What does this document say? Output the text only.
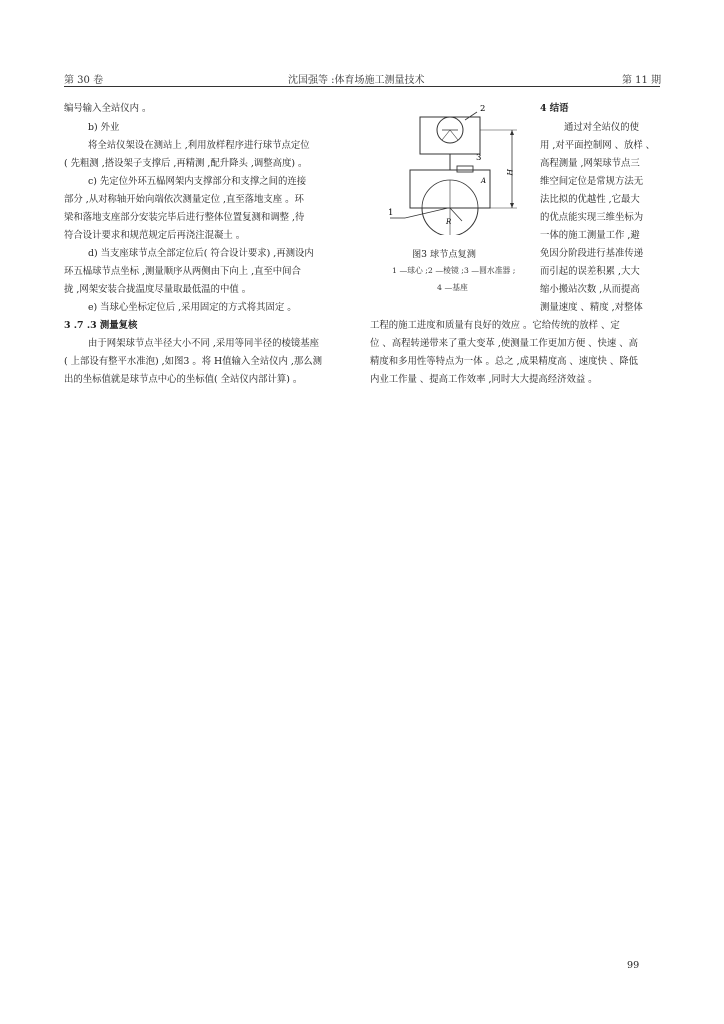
第 30 卷	沈国强等 :体育场施工测量技术	第 11 期
编号输入全站仪内 。
b) 外业
将全站仪架设在测站上 ,利用放样程序进行球节点定位
( 先粗测 ,搭设架子支撑后 ,再精测 ,配升降头 ,调整高度) 。
c) 先定位外环五榀网架内支撑部分和支撑之间的连接
部分 ,从对称轴开始向端依次测量定位 ,直至落地支座 。环
梁和落地支座部分安装完毕后进行整体位置复测和调整 ,待
符合设计要求和规范规定后再浇注混凝土 。
d) 当支座球节点全部定位后( 符合设计要求) ,再测设内
环五榀球节点坐标 ,测量顺序从两侧由下向上 ,直至中间合
拢 ,网架安装合拢温度尽量取最低温的中值 。
e) 当球心坐标定位后 ,采用固定的方式将其固定 。
3 .7 .3 测量复核
由于网架球节点半径大小不同 ,采用等同半径的棱镜基座
( 上部设有整平水准泡) ,如图3 。将 H值输入全站仪内 ,那么测
出的坐标值就是球节点中心的坐标值( 全站仪内部计算) 。
2
3
A
R
1
H
图3 球节点复测
1 —球心 ;2 —棱镜 ;3 —圆水准器 ;
4 —基座
4 结语
通过对全站仪的使
用 ,对平面控制网 、放样 、
高程测量 ,网架球节点三
维空间定位是常规方法无
法比拟的优越性 ,它最大
的优点能实现三维坐标为
一体的施工测量工作 ,避
免因分阶段进行基准传递
而引起的误差积累 ,大大
缩小搬站次数 ,从而提高
测量速度 、精度 ,对整体
工程的施工进度和质量有良好的效应 。它给传统的放样 、定
位 、高程转递带来了重大变革 ,使测量工作更加方便 、快速 、高
精度和多用性等特点为一体 。总之 ,成果精度高 、速度快 、降低
内业工作量 、提高工作效率 ,同时大大提高经济效益 。
99
